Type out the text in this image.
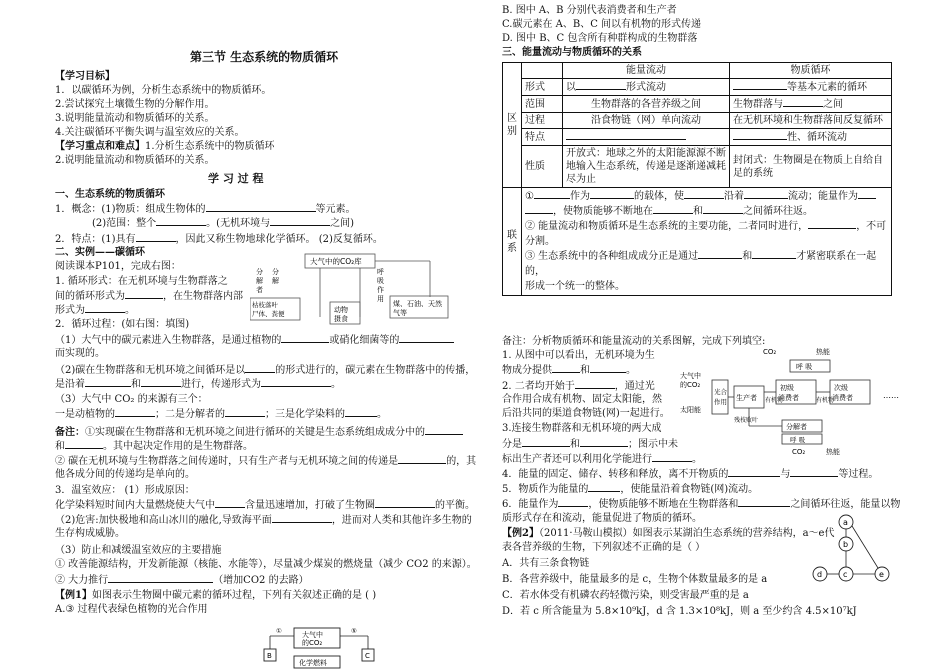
第三节 生态系统的物质循环
【学习目标】
1．以碳循环为例，分析生态系统中的物质循环。
2.尝试探究土壤微生物的分解作用。
3.说明能量流动和物质循环的关系。
4.关注碳循环平衡失调与温室效应的关系。
【学习重点和难点】1.分析生态系统中的物质循环
2.说明能量流动和物质循环的关系。
学 习 过 程
一、生态系统的物质循环
1．概念：(1)物质：组成生物体的	等元素。
(2)范围：整个	。(无机环境与	之间)
2．特点：(1)具有	，因此又称生物地球化学循环。 (2)反复循环。
二、实例——碳循环
阅读课本P101，完成右图：
1. 循环形式：在无机环境与生物群落之
间的循环形式为	，在生物群落内部
形式为	。
2．循环过程：(如右图：填图)
大气中的CO₂库
分解者
分解
呼吸作用
动物
摄食
枯枝落叶
尸体、粪便
煤、石油、天然
气等
（1）大气中的碳元素进入生物群落，是通过植物的	或硝化细菌等的
而实现的。
（2)碳在生物群落和无机环境之间循环是以	的形式进行的，碳元素在生物群落中的传播，
是沿着	和	进行，传递形式为	。
（3）大气中 CO₂ 的来源有三个：
一是动植物的	；二是分解者的	；三是化学染料的	。
备注：①实现碳在生物群落和无机环境之间进行循环的关键是生态系统组成成分中的
和	。其中起决定作用的是生物群落。
② 碳在无机环境与生物群落之间传递时，只有生产者与无机环境之间的传递是	的，其
他各成分间的传递均是单向的。
3．温室效应： (1）形成原因：
化学染料短时间内大量燃烧使大气中	含量迅速增加，打破了生物圈	的平衡。
（2)危害:加快极地和高山冰川的融化,导致海平面	，进而对人类和其他许多生物的
生存构成威胁。
（3）防止和减缓温室效应的主要措施
① 改善能源结构，开发新能源（核能、水能等），尽量减少煤炭的燃烧量（减少 CO2 的来源）。
② 大力推行	（增加CO2 的去路）
【例1】如图表示生物圈中碳元素的循环过程，下列有关叙述正确的是 ( )
A.③ 过程代表绿色植物的光合作用
大气中
的CO₂
化学燃料
B	C
①	⑤
B. 图中 A、B 分别代表消费者和生产者
C.碳元素在 A、B、C 间以有机物的形式传递
D. 图中 B、C 包含所有种群构成的生物群落
三、能量流动与物质循环的关系
区别		能量流动	物质循环
	形式	以 形式流动	等基本元素的循环
	范围	生物群落的各营养级之间	生物群落与 之间
	过程	沿食物链（网）单向流动	在无机环境和生物群落间反复循环
	特点		性、循环流动
	性质	开放式：地球之外的太阳能源源不断地输入生态系统，传递是逐渐递减耗尽为止	封闭式：生物圈是在物质上自给自足的系统
联系	① 作为 的载体，使 沿着 流动；能量作为
，使物质能够不断地在 和 之间循环往返。
② 能量流动和物质循环是生态系统的主要功能，二者同时进行， ，不可分割。
③ 生态系统中的各种组成成分正是通过 和 才紧密联系在一起的，
形成一个统一的整体。		
备注：分析物质循环和能量流动的关系图解，完成下列填空:
1. 从图中可以看出，无机环境为生
物成分提供	和	。
2. 二者均开始于	，通过光
合作用合成有机物、固定太阳能，然
后沿共同的渠道食物链(网)一起进行。
3.连接生物群落和无机环境的两大成
分是	和	；图示中未
标出生产者还可以利用化学能进行	。
4．能量的固定、储存、转移和释放，离不开物质的	与	等过程。
5．物质作为能量的	，使能量沿着食物链(网)流动。
6．能量作为	，使物质能够不断地在生物群落和	之间循环往返，能量以物
质形式存在和流动，能量促进了物质的循环。
【例2】（2011·马鞍山模拟）如图表示某湖泊生态系统的营养结构，a～e代
表各营养级的生物，下列叙述不正确的是（ ）
A．共有三条食物链
B．各营养级中，能量最多的是 c，生物个体数量最多的是 a
C．若水体受有机磷农药轻微污染，则受害最严重的是 a
D．若 c 所含能量为 5.8×10⁹kJ，d 含 1.3×10⁸kJ，则 a 至少约含 4.5×10⁷kJ
CO₂	热能
呼 吸
大气中
的CO₂
太阳能
光合
作用 生产者
初级
消费者
次级
消费者
有机物	有机物
分解者
呼 吸
CO₂	热能
残枝败叶
……
a
b
c
d	e
